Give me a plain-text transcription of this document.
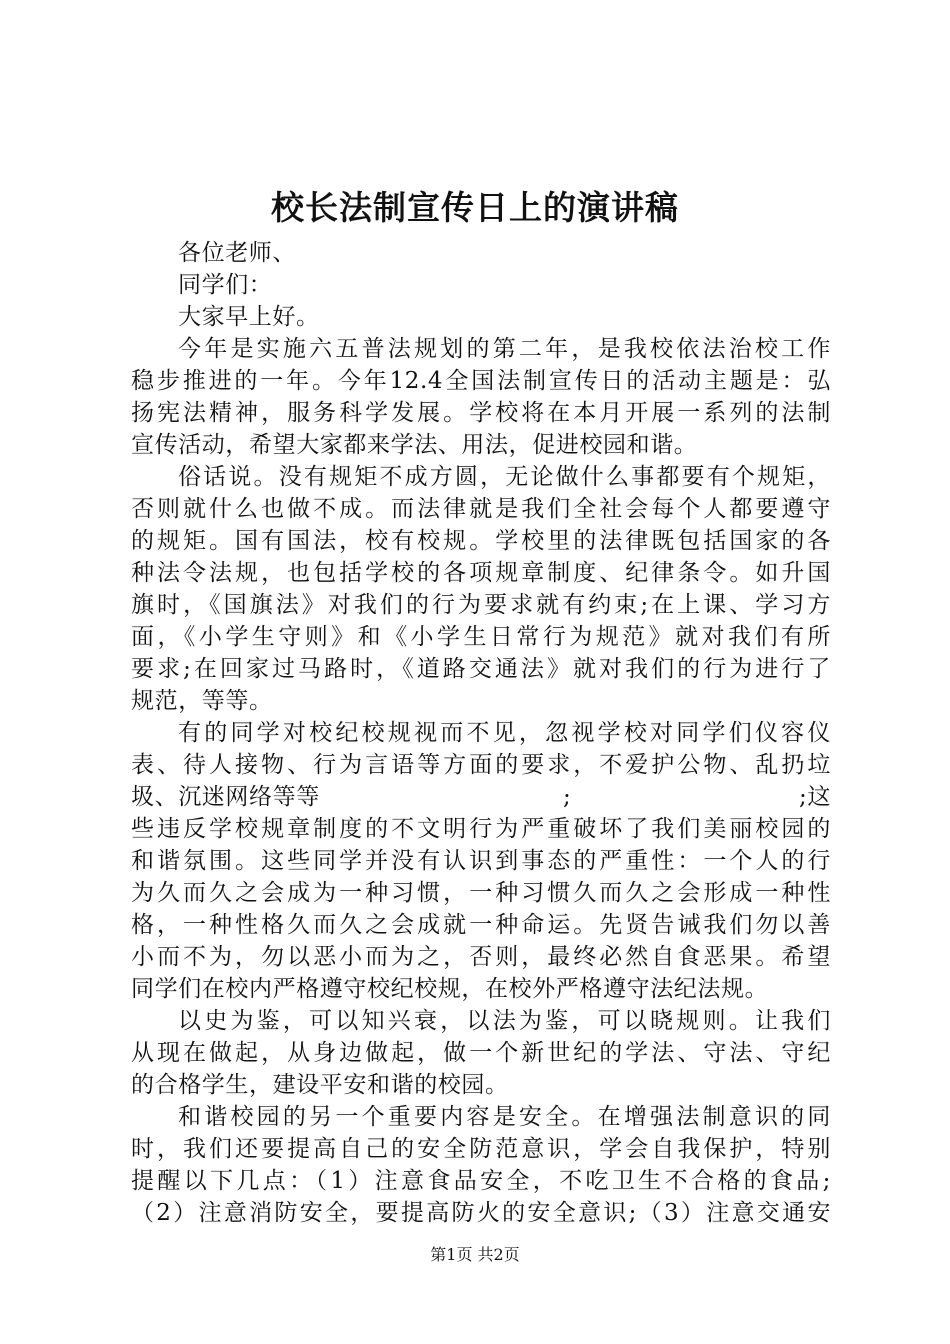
校长法制宣传日上的演讲稿
各位老师、
同学们：
大家早上好。
今年是实施六五普法规划的第二年，是我校依法治校工作
稳步推进的一年。今年12.4全国法制宣传日的活动主题是：弘
扬宪法精神，服务科学发展。学校将在本月开展一系列的法制
宣传活动，希望大家都来学法、用法，促进校园和谐。
俗话说。没有规矩不成方圆，无论做什么事都要有个规矩，
否则就什么也做不成。而法律就是我们全社会每个人都要遵守
的规矩。国有国法，校有校规。学校里的法律既包括国家的各
种法令法规，也包括学校的各项规章制度、纪律条令。如升国
旗时，《国旗法》对我们的行为要求就有约束;在上课、学习方
面，《小学生守则》和《小学生日常行为规范》就对我们有所
要求;在回家过马路时，《道路交通法》就对我们的行为进行了
规范，等等。
有的同学对校纪校规视而不见，忽视学校对同学们仪容仪
表、待人接物、行为言语等方面的要求，不爱护公物、乱扔垃
圾、沉迷网络等等	;	;这
些违反学校规章制度的不文明行为严重破坏了我们美丽校园的
和谐氛围。这些同学并没有认识到事态的严重性：一个人的行
为久而久之会成为一种习惯，一种习惯久而久之会形成一种性
格，一种性格久而久之会成就一种命运。先贤告诫我们勿以善
小而不为，勿以恶小而为之，否则，最终必然自食恶果。希望
同学们在校内严格遵守校纪校规，在校外严格遵守法纪法规。
以史为鉴，可以知兴衰，以法为鉴，可以晓规则。让我们
从现在做起，从身边做起，做一个新世纪的学法、守法、守纪
的合格学生，建设平安和谐的校园。
和谐校园的另一个重要内容是安全。在增强法制意识的同
时，我们还要提高自己的安全防范意识，学会自我保护，特别
提醒以下几点：（1）注意食品安全，不吃卫生不合格的食品;
（2）注意消防安全，要提高防火的安全意识;（3）注意交通安
第1页 共2页
